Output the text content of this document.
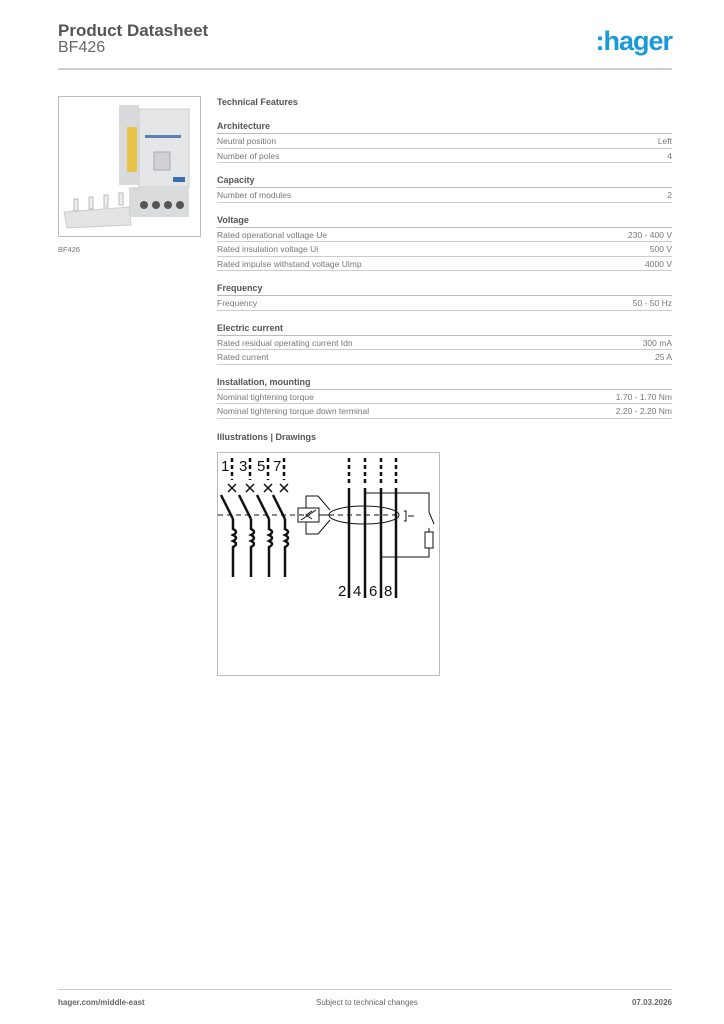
Product Datasheet
BF426	:hager
BF426
Technical Features
Architecture
Neutral position	Left
Number of poles	4
Capacity
Number of modules	2
Voltage
Rated operational voltage Ue	230 - 400 V
Rated insulation voltage Ui	500 V
Rated impulse withstand voltage Uimp	4000 V
Frequency
Frequency	50 - 50 Hz
Electric current
Rated residual operating current Idn	300 mA
Rated current	25 A
Installation, mounting
Nominal tightening torque	1.70 - 1.70 Nm
Nominal tightening torque down terminal	2.20 - 2.20 Nm
Illustrations | Drawings
1 3 5 7
2 4 6 8
hager.com/middle-east	Subject to technical changes	07.03.2026
